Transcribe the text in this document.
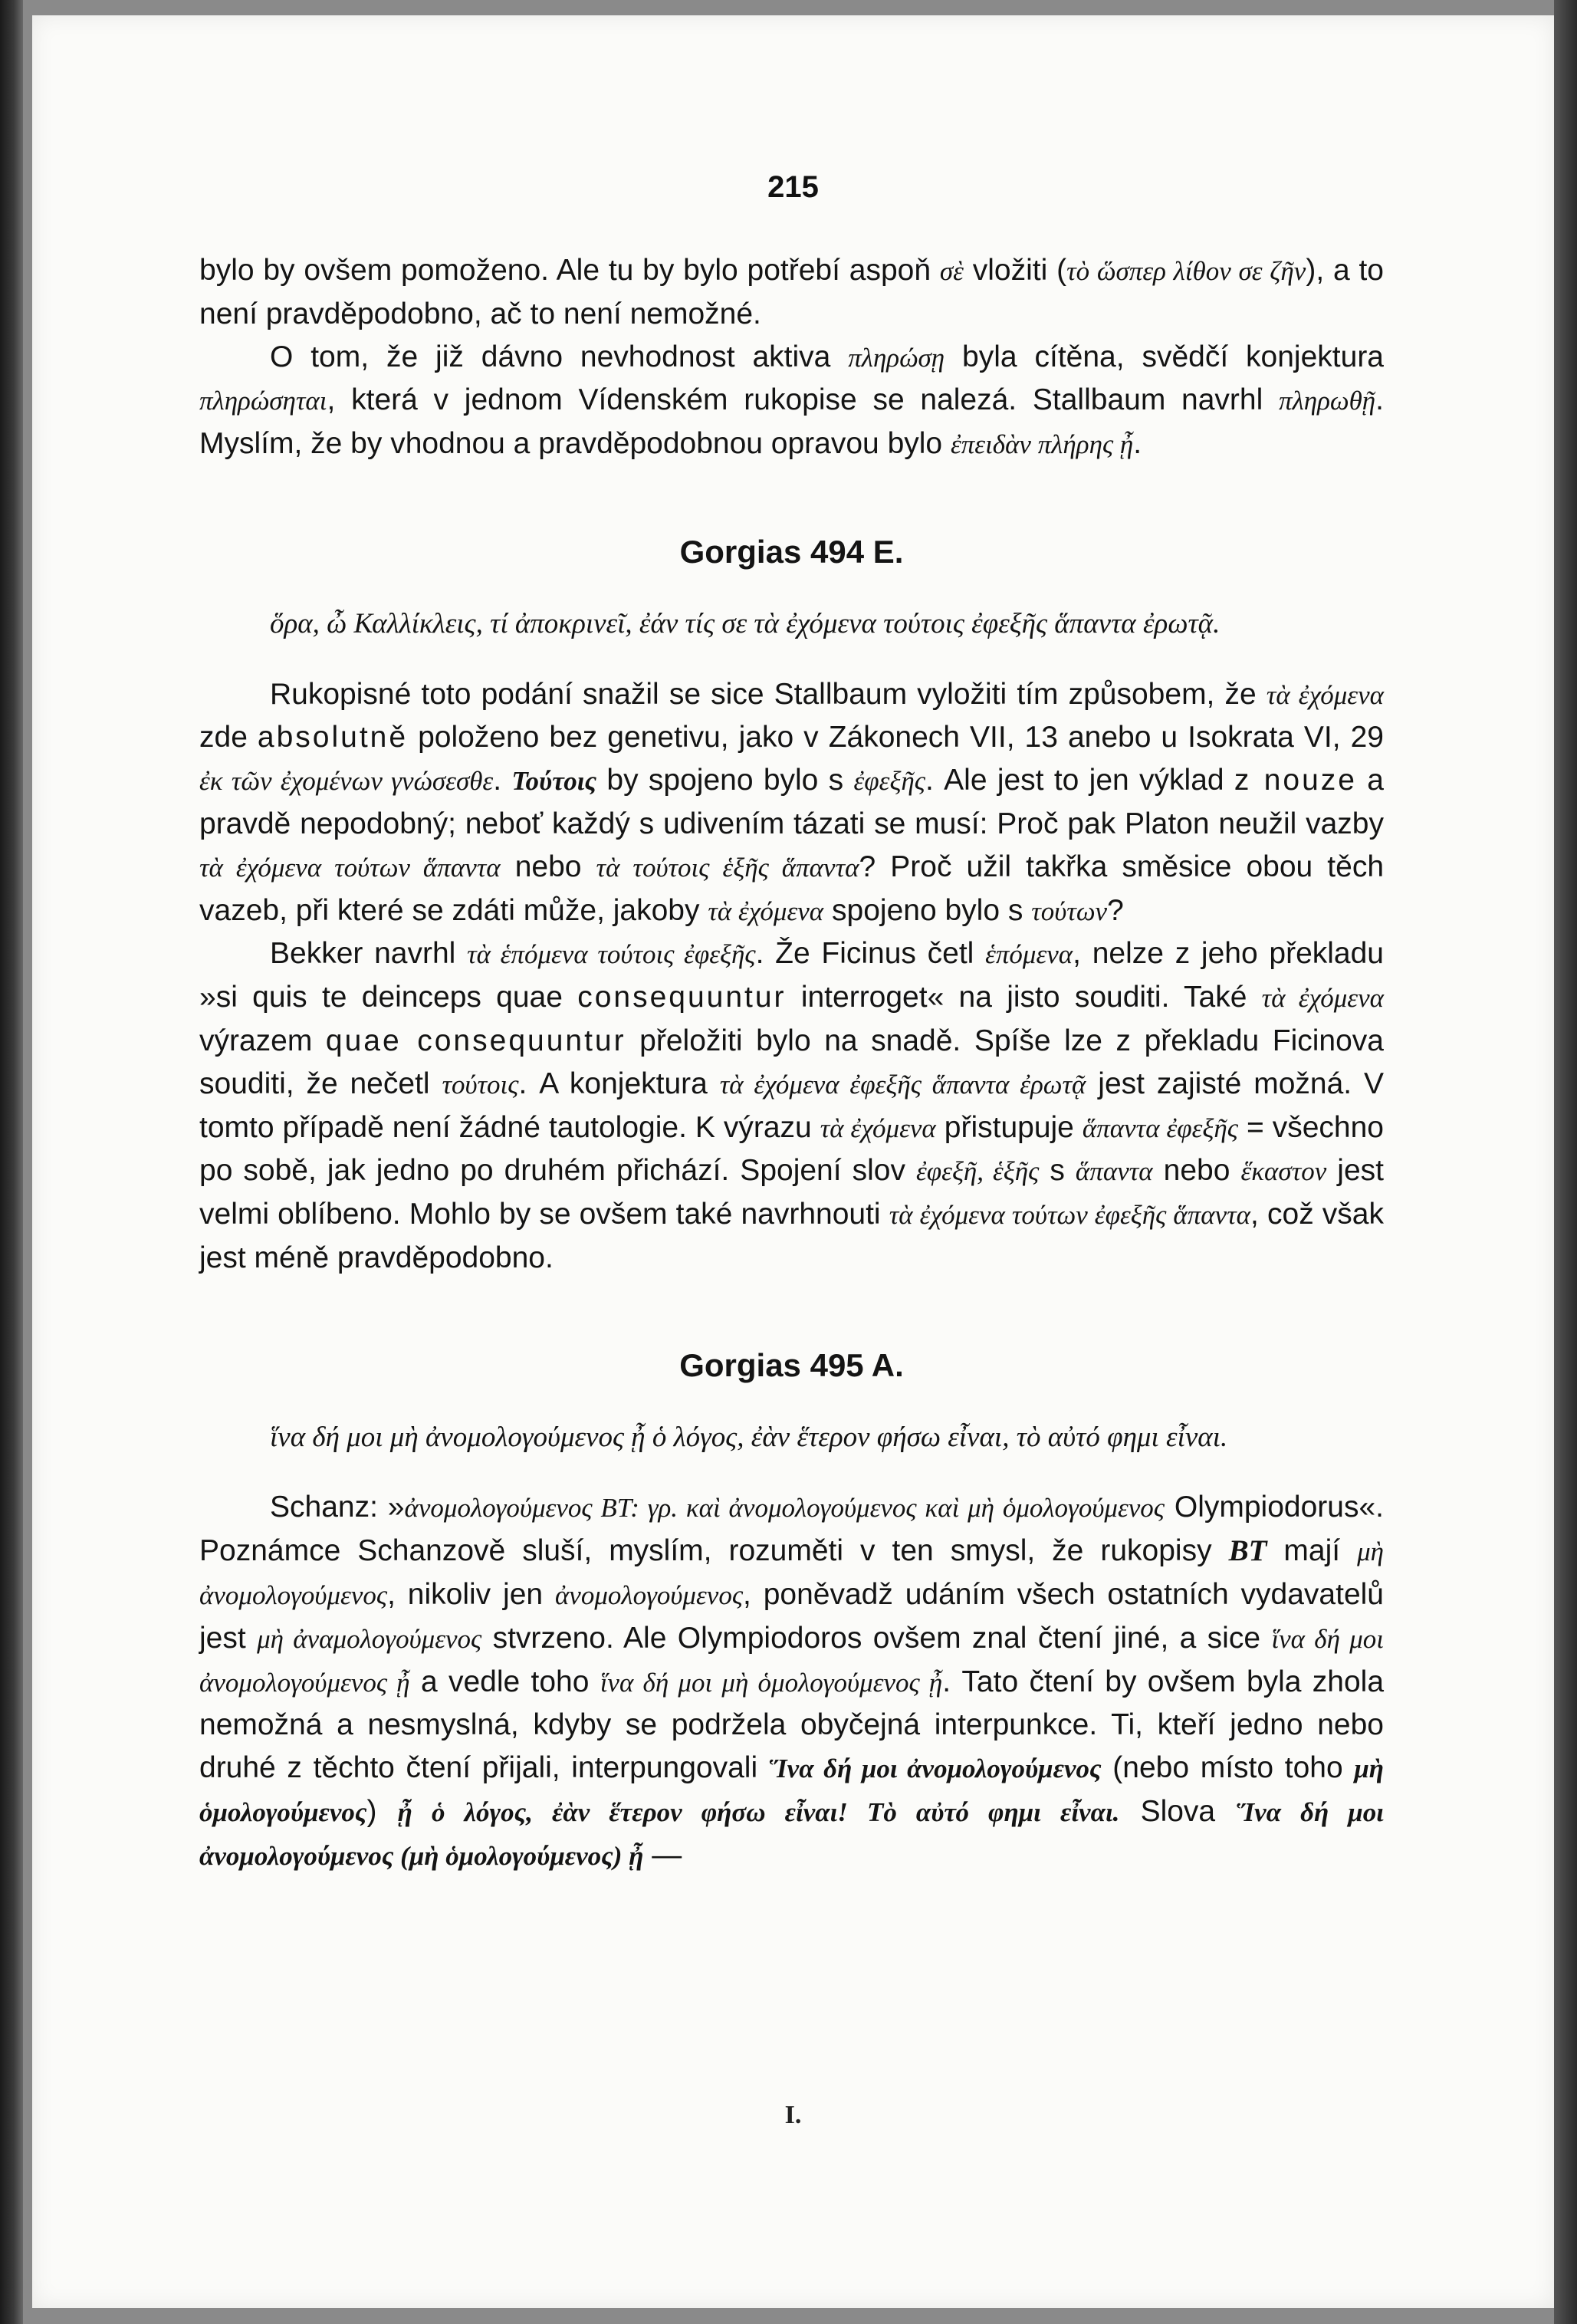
215

bylo by ovšem pomoženo. Ale tu by bylo potřebí aspoň σὲ vložiti (τὸ ὥσπερ λίθον σε ζῆν), a to není pravděpodobno, ač to není nemožné.

O tom, že již dávno nevhodnost aktiva πληρώσῃ byla cítěna, svědčí konjektura πληρώσηται, která v jednom Vídenském rukopise se nalezá. Stallbaum navrhl πληρωθῇ. Myslím, že by vhodnou a pravděpodobnou opravou bylo ἐπειδὰν πλήρης ᾖ.

Gorgias 494 E.

ὅρα, ὦ Καλλίκλεις, τί ἀποκρινεῖ, ἐάν τίς σε τὰ ἐχόμενα τούτοις ἐφεξῆς ἅπαντα ἐρωτᾷ.

Rukopisné toto podání snažil se sice Stallbaum vyložiti tím způsobem, že τὰ ἐχόμενα zde absolutně položeno bez genetivu, jako v Zákonech VII, 13 anebo u Isokrata VI, 29 ἐκ τῶν ἐχομένων γνώσεσθε. Τούτοις by spojeno bylo s ἐφεξῆς. Ale jest to jen výklad z nouze a pravdě nepodobný; neboť každý s udivením tázati se musí: Proč pak Platon neužil vazby τὰ ἐχόμενα τούτων ἅπαντα nebo τὰ τούτοις ἑξῆς ἅπαντα? Proč užil takřka směsice obou těch vazeb, při které se zdáti může, jakoby τὰ ἐχόμενα spojeno bylo s τούτων?

Bekker navrhl τὰ ἑπόμενα τούτοις ἐφεξῆς. Že Ficinus četl ἑπόμενα, nelze z jeho překladu »si quis te deinceps quae consequuntur interroget« na jisto souditi. Také τὰ ἐχόμενα výrazem quae consequuntur přeložiti bylo na snadě. Spíše lze z překladu Ficinova souditi, že nečetl τούτοις. A konjektura τὰ ἐχόμενα ἐφεξῆς ἅπαντα ἐρωτᾷ jest zajisté možná. V tomto případě není žádné tautologie. K výrazu τὰ ἐχόμενα přistupuje ἅπαντα ἐφεξῆς = všechno po sobě, jak jedno po druhém přichází. Spojení slov ἐφεξῆ, ἑξῆς s ἅπαντα nebo ἕκαστον jest velmi oblíbeno. Mohlo by se ovšem také navrhnouti τὰ ἐχόμενα τούτων ἐφεξῆς ἅπαντα, což však jest méně pravděpodobno.

Gorgias 495 A.

ἵνα δή μοι μὴ ἀνομολογούμενος ᾖ ὁ λόγος, ἐὰν ἕτερον φήσω εἶναι, τὸ αὐτό φημι εἶναι.

Schanz: »ἀνομολογούμενος BT: γρ. καὶ ἀνομολογούμενος καὶ μὴ ὁμολογούμενος Olympiodorus«. Poznámce Schanzově sluší, myslím, rozuměti v ten smysl, že rukopisy BT mají μὴ ἀνομολογούμενος, nikoliv jen ἀνομολογούμενος, poněvadž udáním všech ostatních vydavatelů jest μὴ ἀναμολογούμενος stvrzeno. Ale Olympiodoros ovšem znal čtení jiné, a sice ἵνα δή μοι ἀνομολογούμενος ᾖ a vedle toho ἵνα δή μοι μὴ ὁμολογούμενος ᾖ. Tato čtení by ovšem byla zhola nemožná a nesmyslná, kdyby se podržela obyčejná interpunkce. Ti, kteří jedno nebo druhé z těchto čtení přijali, interpungovali Ἵνα δή μοι ἀνομολογούμενος (nebo místo toho μὴ ὁμολογούμενος) ᾖ ὁ λόγος, ἐὰν ἕτερον φήσω εἶναι! Τὸ αὐτό φημι εἶναι. Slova Ἵνα δή μοι ἀνομολογούμενος (μὴ ὁμολογούμενος) ᾖ —

I.
